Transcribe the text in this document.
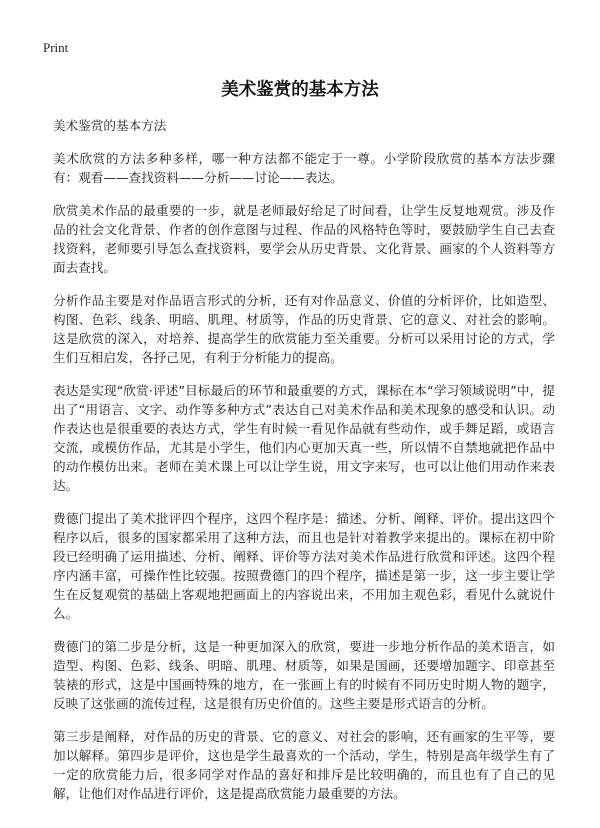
Print
美术鉴赏的基本方法

美术鉴赏的基本方法

美术欣赏的方法多种多样，哪一种方法都不能定于一尊。小学阶段欣赏的基本方法步骤有：观看——查找资料——分析——讨论——表达。

欣赏美术作品的最重要的一步，就是老师最好给足了时间看，让学生反复地观赏。涉及作品的社会文化背景、作者的创作意图与过程、作品的风格特色等时，要鼓励学生自己去查找资料，老师要引导怎么查找资料，要学会从历史背景、文化背景、画家的个人资料等方面去查找。

分析作品主要是对作品语言形式的分析，还有对作品意义、价值的分析评价，比如造型、构图、色彩、线条、明暗、肌理、材质等，作品的历史背景、它的意义、对社会的影响。这是欣赏的深入，对培养、提高学生的欣赏能力至关重要。分析可以采用讨论的方式，学生们互相启发，各抒己见，有利于分析能力的提高。

表达是实现“欣赏·评述”目标最后的环节和最重要的方式，课标在本“学习领域说明”中，提出了“用语言、文字、动作等多种方式”表达自己对美术作品和美术现象的感受和认识。动作表达也是很重要的表达方式，学生有时候一看见作品就有些动作，或手舞足蹈，或语言交流，或模仿作品，尤其是小学生，他们内心更加天真一些，所以情不自禁地就把作品中的动作模仿出来。老师在美术课上可以让学生说，用文字来写，也可以让他们用动作来表达。

费德门提出了美术批评四个程序，这四个程序是：描述、分析、阐释、评价。提出这四个程序以后，很多的国家都采用了这种方法，而且也是针对着教学来提出的。课标在初中阶段已经明确了运用描述、分析、阐释、评价等方法对美术作品进行欣赏和评述。这四个程序内涵丰富，可操作性比较强。按照费德门的四个程序，描述是第一步，这一步主要让学生在反复观赏的基础上客观地把画面上的内容说出来，不用加主观色彩，看见什么就说什么。

费德门的第二步是分析，这是一种更加深入的欣赏，要进一步地分析作品的美术语言，如造型、构图、色彩、线条、明暗、肌理、材质等，如果是国画，还要增加题字、印章甚至装裱的形式，这是中国画特殊的地方，在一张画上有的时候有不同历史时期人物的题字，反映了这张画的流传过程，这是很有历史价值的。这些主要是形式语言的分析。

第三步是阐释，对作品的历史的背景、它的意义、对社会的影响，还有画家的生平等，要加以解释。第四步是评价，这也是学生最喜欢的一个活动，学生，特别是高年级学生有了一定的欣赏能力后，很多同学对作品的喜好和排斥是比较明确的，而且也有了自己的见解，让他们对作品进行评价，这是提高欣赏能力最重要的方法。
